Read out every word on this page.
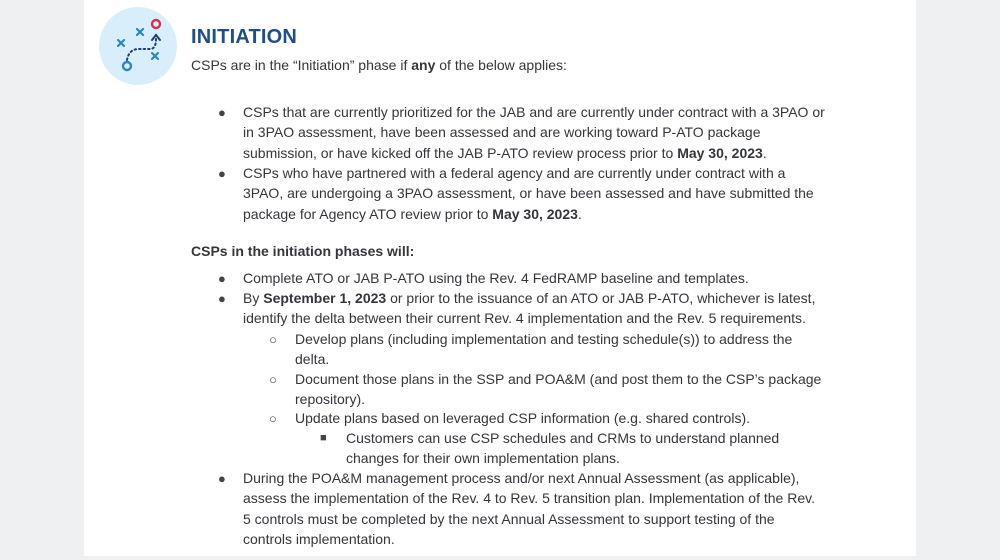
INITIATION
CSPs are in the “Initiation” phase if any of the below applies:
● CSPs that are currently prioritized for the JAB and are currently under contract with a 3PAO or
in 3PAO assessment, have been assessed and are working toward P-ATO package
submission, or have kicked off the JAB P-ATO review process prior to May 30, 2023.
● CSPs who have partnered with a federal agency and are currently under contract with a
3PAO, are undergoing a 3PAO assessment, or have been assessed and have submitted the
package for Agency ATO review prior to May 30, 2023.
CSPs in the initiation phases will:
● Complete ATO or JAB P-ATO using the Rev. 4 FedRAMP baseline and templates.
● By September 1, 2023 or prior to the issuance of an ATO or JAB P-ATO, whichever is latest,
identify the delta between their current Rev. 4 implementation and the Rev. 5 requirements.
○ Develop plans (including implementation and testing schedule(s)) to address the
delta.
○ Document those plans in the SSP and POA&M (and post them to the CSP’s package
repository).
○ Update plans based on leveraged CSP information (e.g. shared controls).
■ Customers can use CSP schedules and CRMs to understand planned
changes for their own implementation plans.
● During the POA&M management process and/or next Annual Assessment (as applicable),
assess the implementation of the Rev. 4 to Rev. 5 transition plan. Implementation of the Rev.
5 controls must be completed by the next Annual Assessment to support testing of the
controls implementation.
